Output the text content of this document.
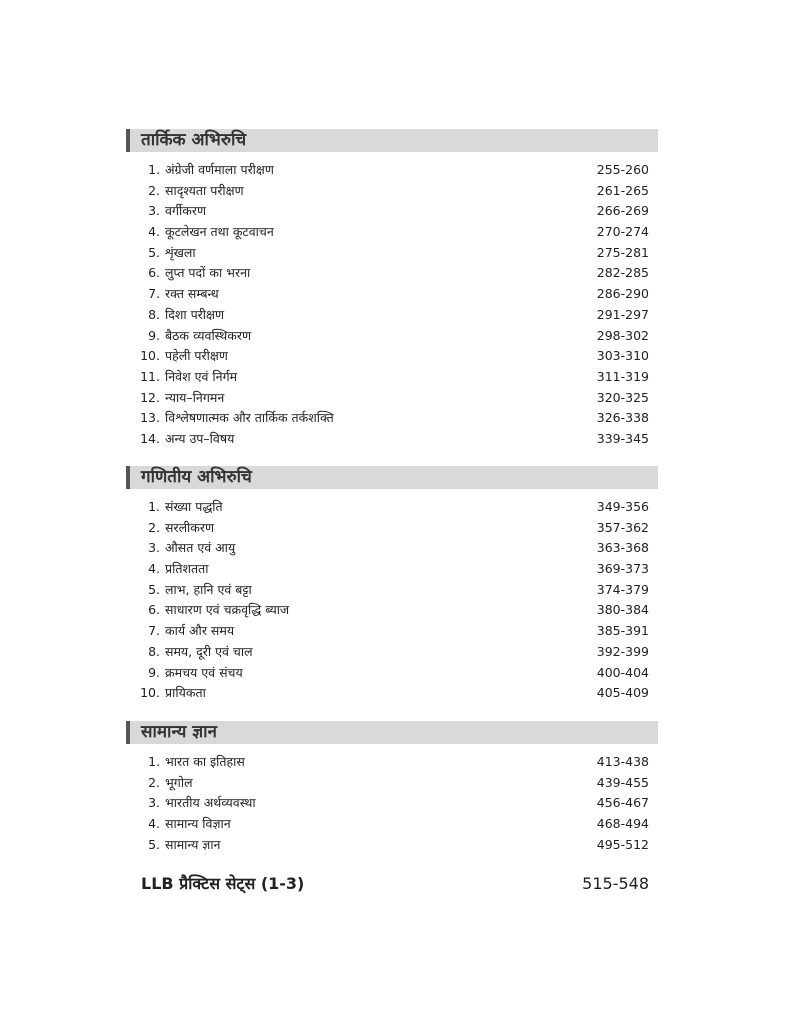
तार्किक अभिरुचि
1. अंग्रेजी वर्णमाला परीक्षण	255-260
2. सादृश्यता परीक्षण	261-265
3. वर्गीकरण	266-269
4. कूटलेखन तथा कूटवाचन	270-274
5. शृंखला	275-281
6. लुप्त पदों का भरना	282-285
7. रक्त सम्बन्ध	286-290
8. दिशा परीक्षण	291-297
9. बैठक व्यवस्थिकरण	298-302
10. पहेली परीक्षण	303-310
11. निवेश एवं निर्गम	311-319
12. न्याय–निगमन	320-325
13. विश्लेषणात्मक और तार्किक तर्कशक्ति	326-338
14. अन्य उप–विषय	339-345
गणितीय अभिरुचि
1. संख्या पद्धति	349-356
2. सरलीकरण	357-362
3. औसत एवं आयु	363-368
4. प्रतिशतता	369-373
5. लाभ, हानि एवं बट्टा	374-379
6. साधारण एवं चक्रवृद्धि ब्याज	380-384
7. कार्य और समय	385-391
8. समय, दूरी एवं चाल	392-399
9. क्रमचय एवं संचय	400-404
10. प्रायिकता	405-409
सामान्य ज्ञान
1. भारत का इतिहास	413-438
2. भूगोल	439-455
3. भारतीय अर्थव्यवस्था	456-467
4. सामान्य विज्ञान	468-494
5. सामान्य ज्ञान	495-512
LLB प्रैक्टिस सेट्स (1-3)	515-548
